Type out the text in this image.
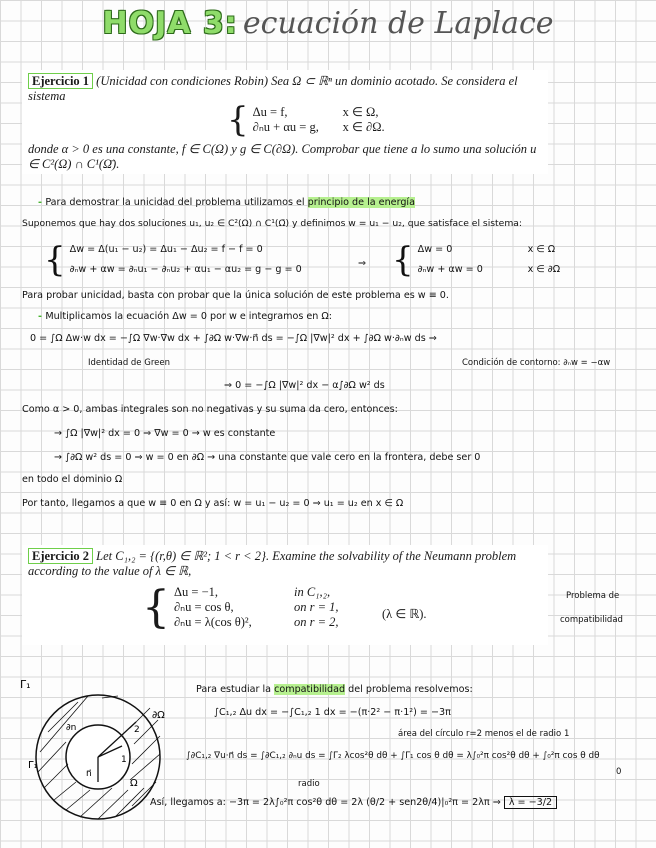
HOJA 3: ecuación de Laplace
Ejercicio 1 (Unicidad con condiciones Robin) Sea Ω ⊂ ℝⁿ un dominio acotado. Se considera el sistema
{ Δu = f,	x ∈ Ω,
∂ₙu + αu = g, x ∈ ∂Ω.
donde α > 0 es una constante, f ∈ C(Ω) y g ∈ C(∂Ω). Comprobar que tiene a lo sumo una solución u ∈ C²(Ω) ∩ C¹(Ω̄).
- Para demostrar la unicidad del problema utilizamos el principio de la energía
Suponemos que hay dos soluciones u₁, u₂ ∈ C²(Ω) ∩ C¹(Ω̄) y definimos w = u₁ − u₂, que satisface el sistema:
{ Δw = Δ(u₁ − u₂) = Δu₁ − Δu₂ = f − f = 0
∂ₙw + αw = ∂ₙu₁ − ∂ₙu₂ + αu₁ − αu₂ = g − g = 0
⇒ { Δw = 0	x ∈ Ω
∂ₙw + αw = 0	x ∈ ∂Ω
Para probar unicidad, basta con probar que la única solución de este problema es w ≡ 0.
- Multiplicamos la ecuación Δw = 0 por w e integramos en Ω:
0 = ∫Ω Δw·w dx = −∫Ω ∇w·∇w dx + ∫∂Ω w·∇w·n⃗ ds = −∫Ω |∇w|² dx + ∫∂Ω w·∂ₙw ds ⇒
Identidad de Green	Condición de contorno: ∂ₙw = −αw
⇒ 0 = −∫Ω |∇w|² dx − α∫∂Ω w² ds
Como α > 0, ambas integrales son no negativas y su suma da cero, entonces:
→ ∫Ω |∇w|² dx = 0 ⇒ ∇w = 0 → w es constante
→ ∫∂Ω w² ds = 0 ⇒ w = 0 en ∂Ω → una constante que vale cero en la frontera, debe ser 0
en todo el dominio Ω
Por tanto, llegamos a que w ≡ 0 en Ω y así: w = u₁ − u₂ = 0 ⇒ u₁ = u₂ en x ∈ Ω
Ejercicio 2 Let C₁,₂ = {(r,θ) ∈ ℝ²; 1 < r < 2}. Examine the solvability of the Neumann problem according to the value of λ ∈ ℝ,
{ Δu = −1,	in C₁,₂,
∂ₙu = cos θ,	on r = 1,
∂ₙu = λ(cos θ)²,	on r = 2,
(λ ∈ ℝ).
Problema de
compatibilidad
Γ₁
∂n
∂Ω
Γ₁
2
1
Ω
n⃗
Para estudiar la compatibilidad del problema resolvemos:
∫C₁,₂ Δu dx = −∫C₁,₂ 1 dx = −(π·2² − π·1²) = −3π
área del círculo r=2 menos el de radio 1
∫∂C₁,₂ ∇u·n⃗ ds = ∫∂C₁,₂ ∂ₙu ds = ∫Γ₂ λcos²θ dθ + ∫Γ₁ cos θ dθ = λ∫₀²π cos²θ dθ + ∫₀²π cos θ dθ
0
radio
Así, llegamos a: −3π = 2λ∫₀²π cos²θ dθ = 2λ (θ/2 + sen2θ/4)|₀²π = 2λπ ⇒ λ = −3/2
